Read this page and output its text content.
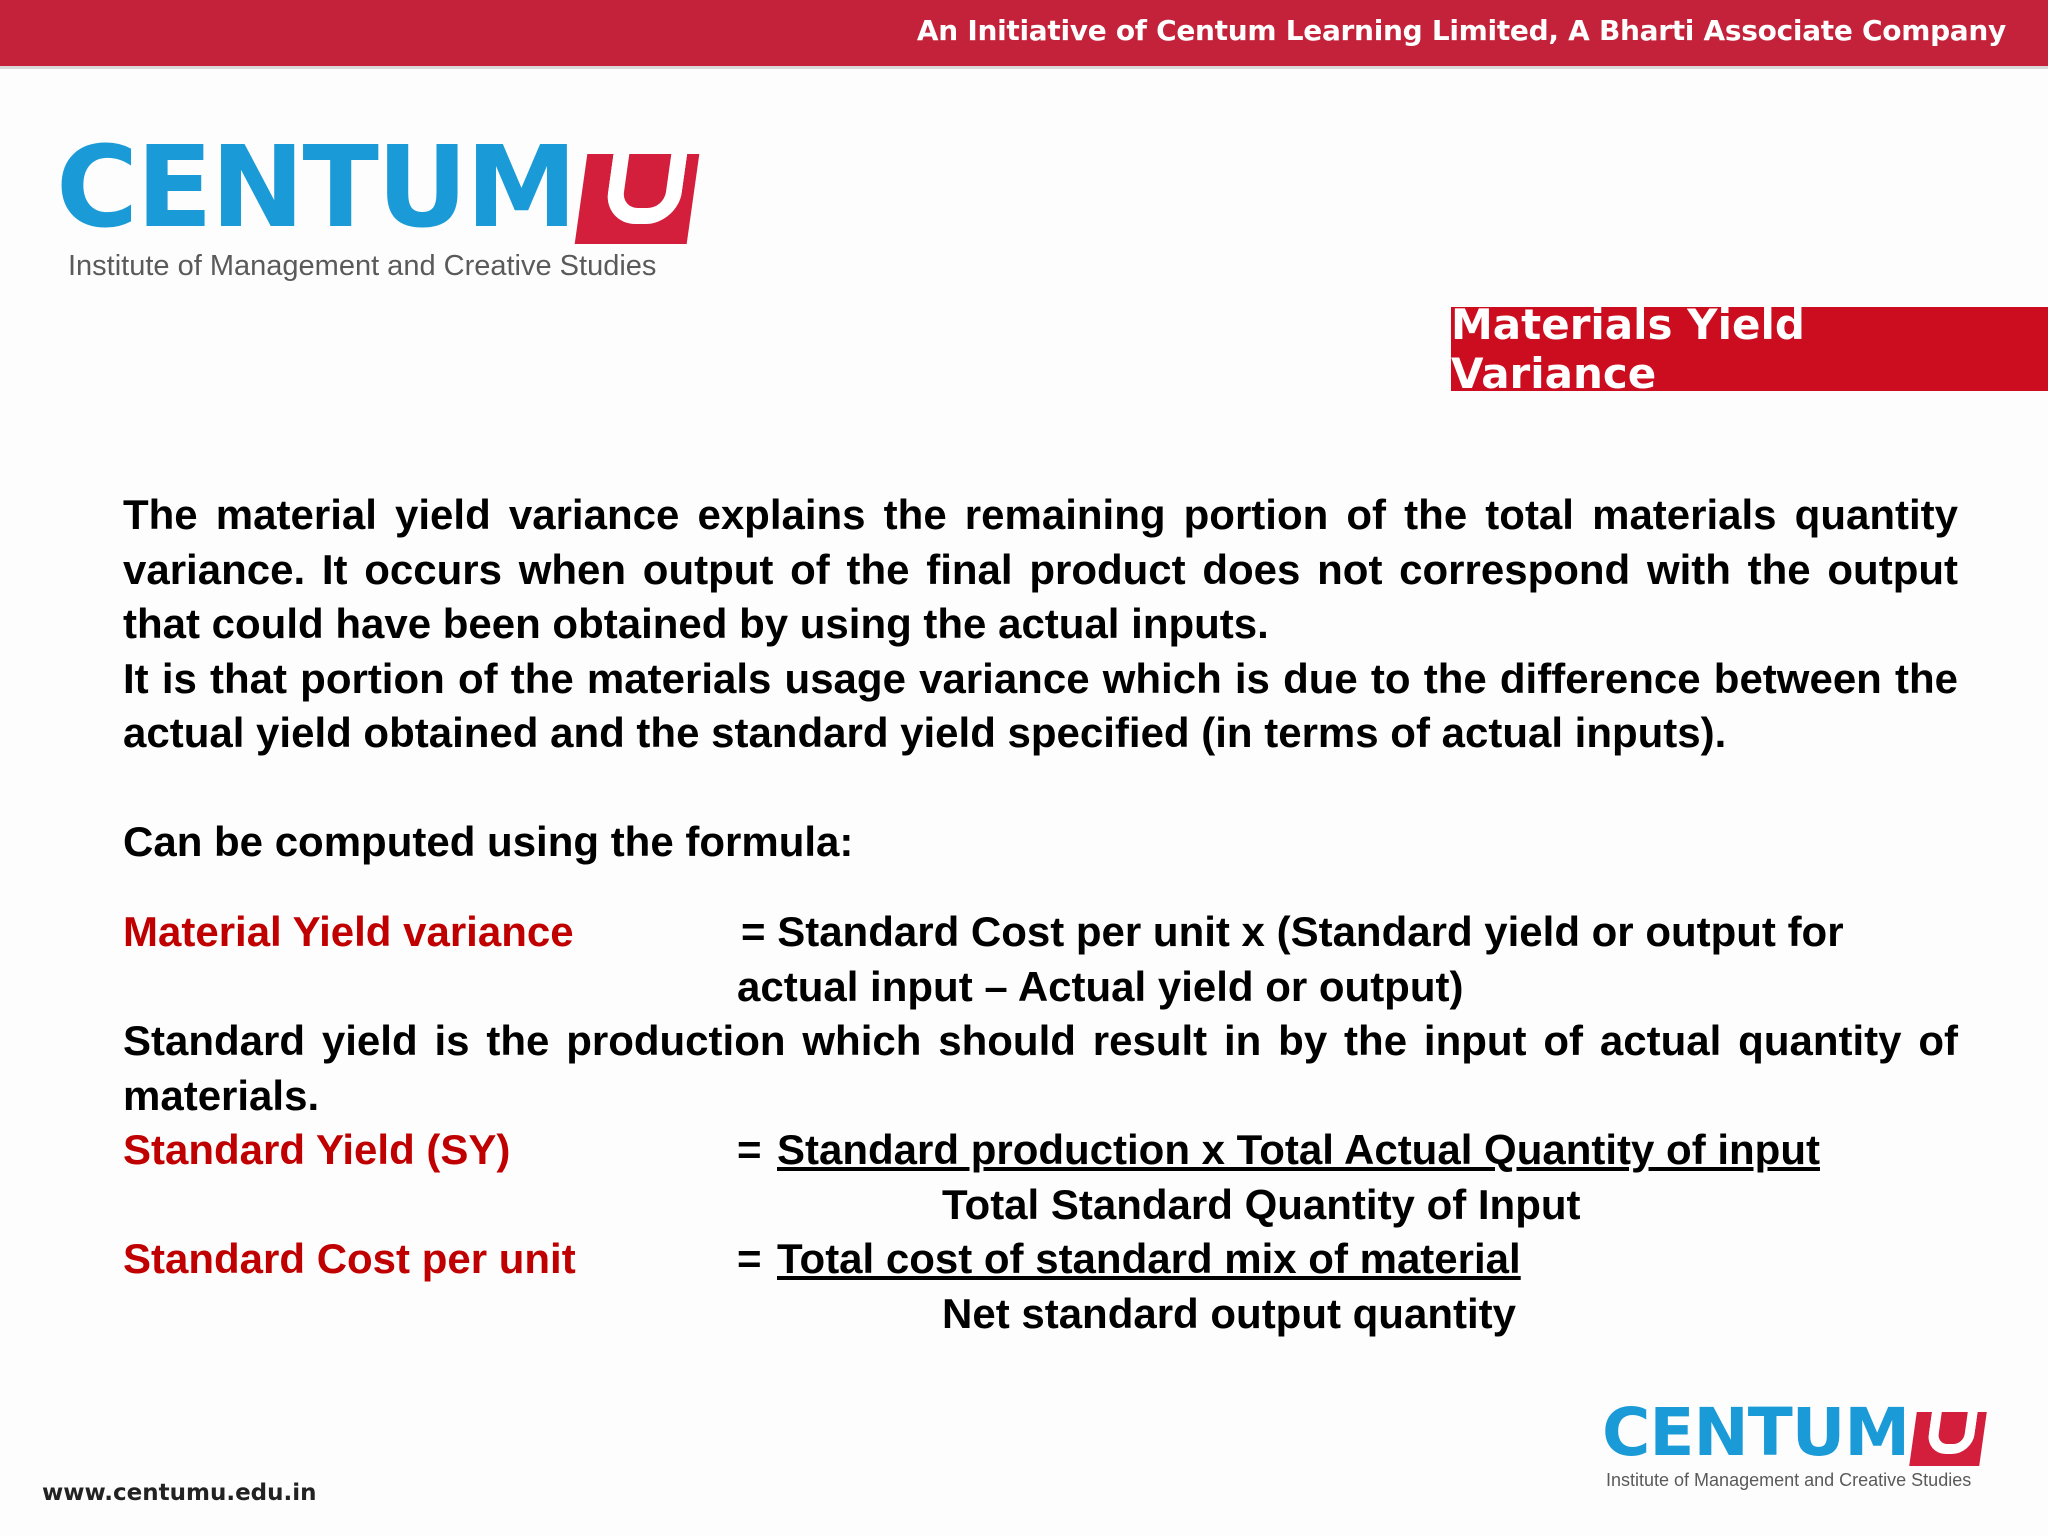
An Initiative of Centum Learning Limited, A Bharti Associate Company
CENTUM
Institute of Management and Creative Studies
Materials Yield Variance

The material yield variance explains the remaining portion of the total materials quantity variance. It occurs when output of the final product does not correspond with the output that could have been obtained by using the actual inputs.

It is that portion of the materials usage variance which is due to the difference between the actual yield obtained and the standard yield specified (in terms of actual inputs).

Can be computed using the formula:

Material Yield variance	= Standard Cost per unit x (Standard yield or output for
actual input – Actual yield or output)

Standard yield is the production which should result in by the input of actual quantity of materials.

Standard Yield (SY)	= Standard production x Total Actual Quantity of input
Total Standard Quantity of Input
Standard Cost per unit	= Total cost of standard mix of material
Net standard output quantity
www.centumu.edu.in
CENTUM
Institute of Management and Creative Studies
